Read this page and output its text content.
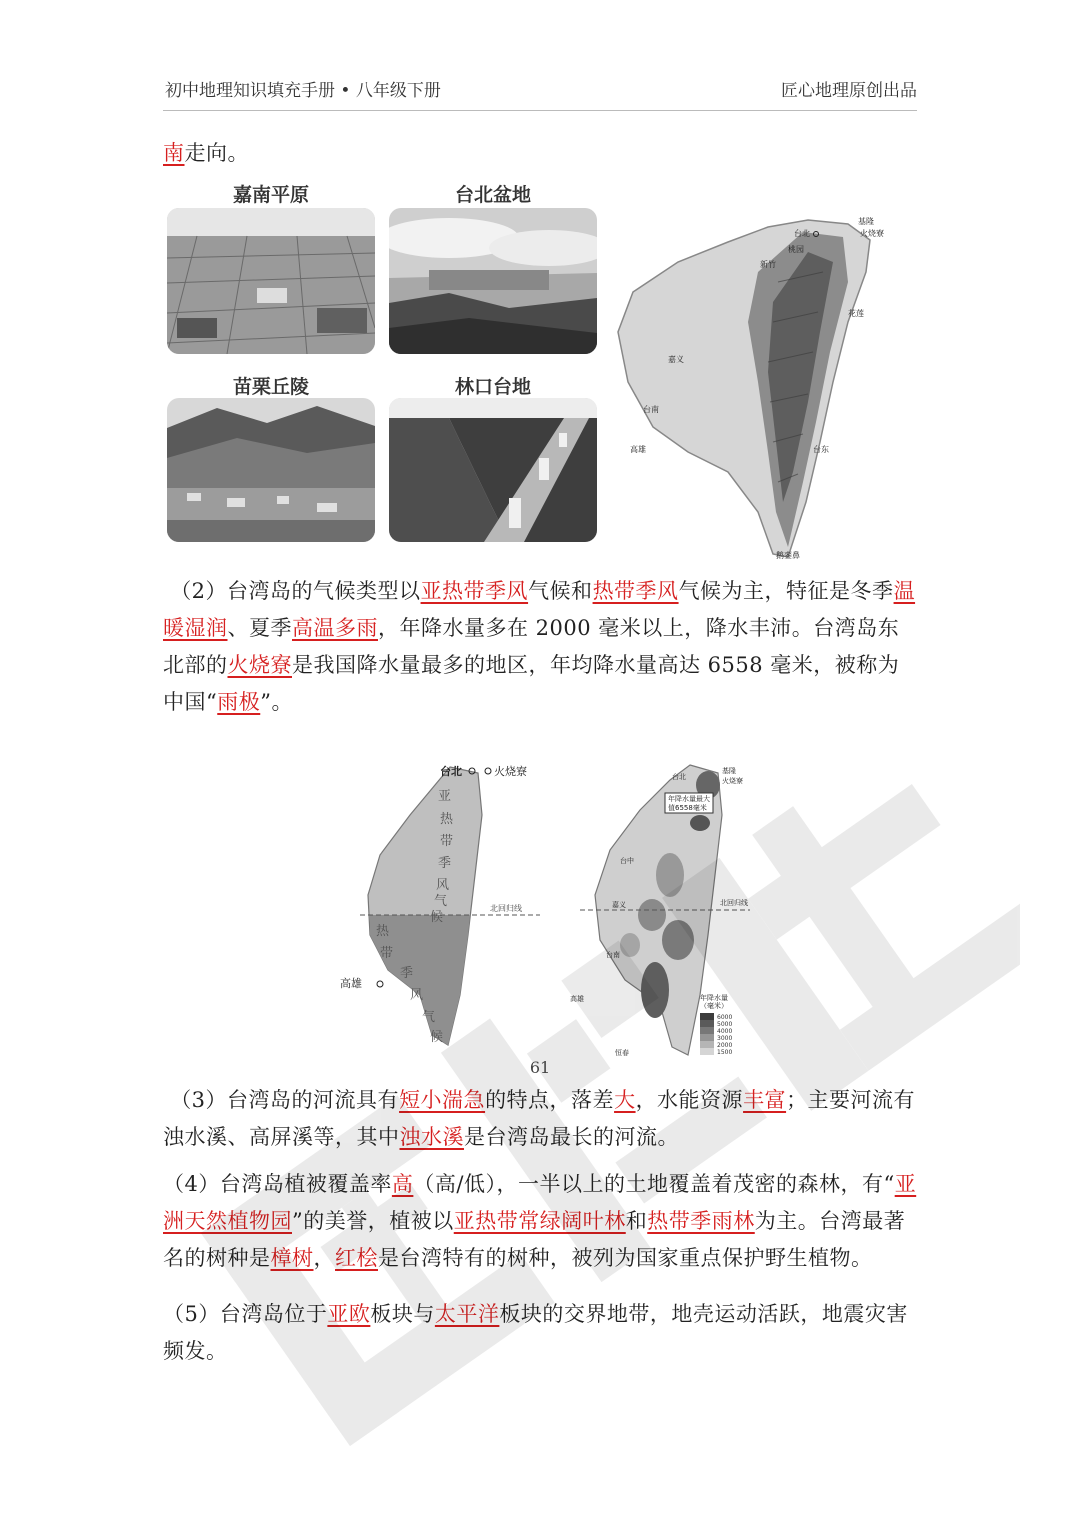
初中地理知识填充手册 • 八年级下册	匠心地理原创出品
南走向。
嘉南平原	台北盆地
苗栗丘陵	林口台地
基隆
台北	火烧寮
桃园
新竹
花莲
嘉义
台南
高雄	台东
鹅銮鼻
（2）台湾岛的气候类型以亚热带季风气候和热带季风气候为主，特征是冬季温暖湿润、夏季高温多雨，年降水量多在 2000 毫米以上，降水丰沛。台湾岛东北部的火烧寮是我国降水量最多的地区，年均降水量高达 6558 毫米，被称为中国“雨极”。
台北	火烧寮
高雄
北回归线
亚
热
带
季
风
气
候
热
带
季
风
气
候
年降水量最大
值6558毫米
台北
基隆
火烧寮
台中
嘉义
台南
高雄
恒春
北回归线
年降水量
（毫米）
6000
5000
4000
3000
2000
1500
（3）台湾岛的河流具有短小湍急的特点，落差大，水能资源丰富；主要河流有浊水溪、高屏溪等，其中浊水溪是台湾岛最长的河流。
（4）台湾岛植被覆盖率高（高/低），一半以上的土地覆盖着茂密的森林，有“亚洲天然植物园”的美誉，植被以亚热带常绿阔叶林和热带季雨林为主。台湾最著名的树种是樟树，红桧是台湾特有的树种，被列为国家重点保护野生植物。
（5）台湾岛位于亚欧板块与太平洋板块的交界地带，地壳运动活跃，地震灾害频发。
61
